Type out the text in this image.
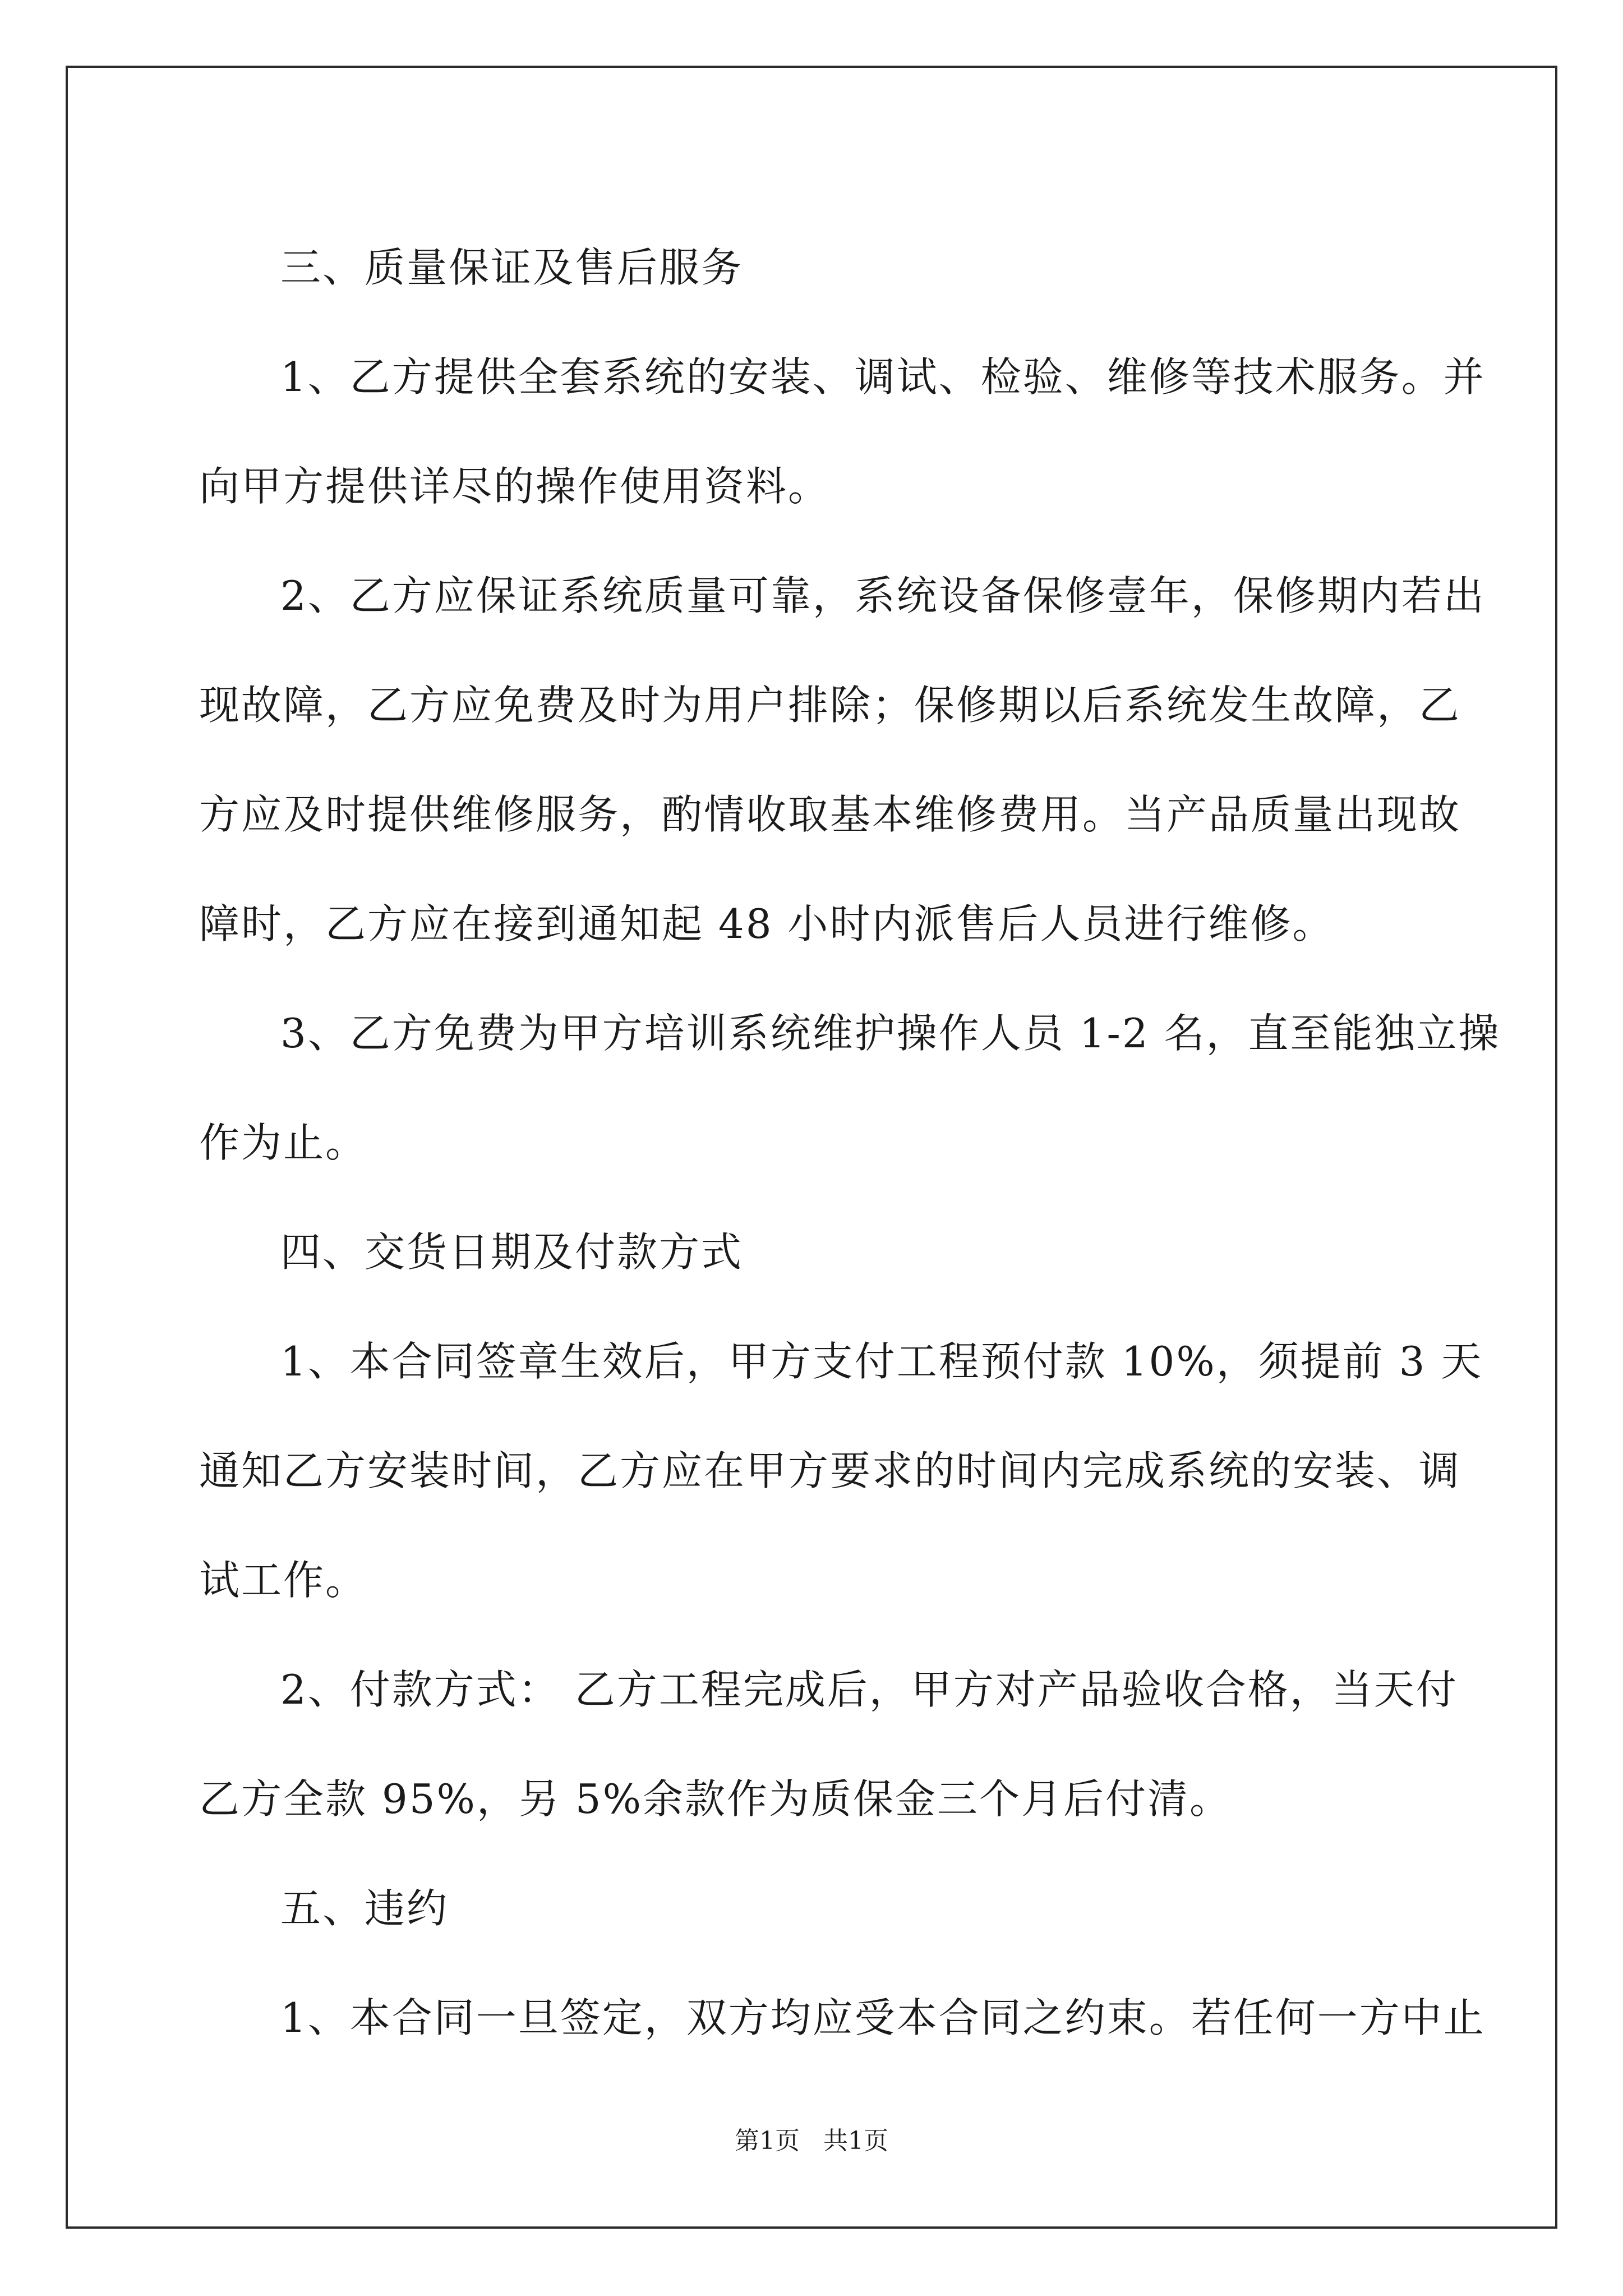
三、质量保证及售后服务
1、乙方提供全套系统的安装、调试、检验、维修等技术服务。并
向甲方提供详尽的操作使用资料。
2、乙方应保证系统质量可靠，系统设备保修壹年，保修期内若出
现故障，乙方应免费及时为用户排除；保修期以后系统发生故障，乙
方应及时提供维修服务，酌情收取基本维修费用。当产品质量出现故
障时，乙方应在接到通知起 48 小时内派售后人员进行维修。
3、乙方免费为甲方培训系统维护操作人员 1-2 名，直至能独立操
作为止。
四、交货日期及付款方式
1、本合同签章生效后，甲方支付工程预付款 10%，须提前 3 天
通知乙方安装时间，乙方应在甲方要求的时间内完成系统的安装、调
试工作。
2、付款方式： 乙方工程完成后，甲方对产品验收合格，当天付
乙方全款 95%，另 5%余款作为质保金三个月后付清。
五、违约
1、本合同一旦签定，双方均应受本合同之约束。若任何一方中止
第1页   共1页
